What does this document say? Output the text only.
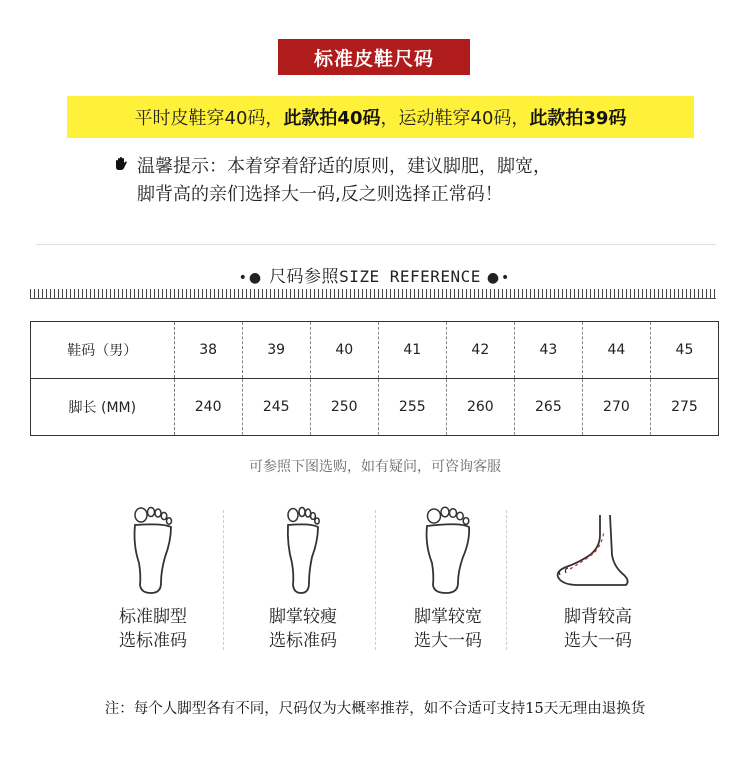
标准皮鞋尺码
平时皮鞋穿40码， 此款拍40码 ，运动鞋穿40码， 此款拍39码
温馨提示：本着穿着舒适的原则，建议脚肥，脚宽，
脚背高的亲们选择大一码,反之则选择正常码！
•● 尺码参照SIZE REFERENCE ●•
鞋码（男）	38	39	40	41	42	43	44	45
脚长 (MM)	240	245	250	255	260	265	270	275
可参照下图选购，如有疑问，可咨询客服
标准脚型
选标准码
脚掌较瘦
选标准码
脚掌较宽
选大一码
脚背较高
选大一码
注：每个人脚型各有不同，尺码仅为大概率推荐，如不合适可支持15天无理由退换货
